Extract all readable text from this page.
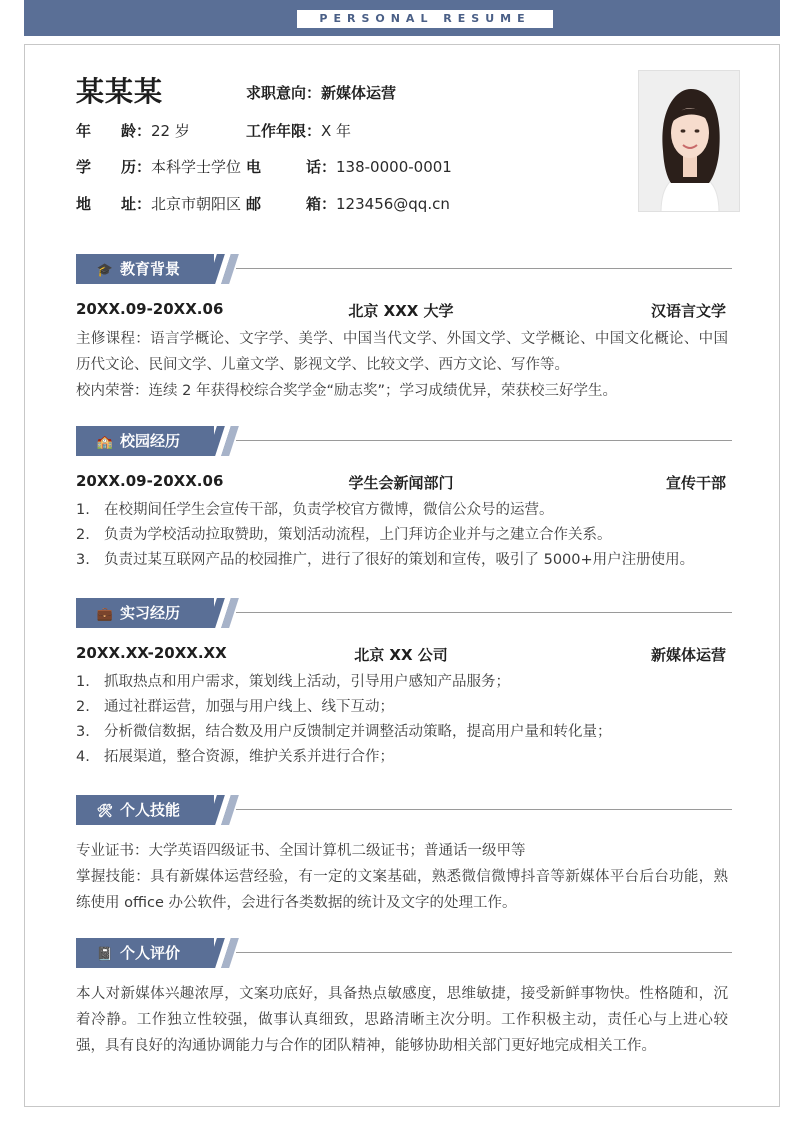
PERSONAL RESUME
某某某	求职意向：新媒体运营
年　　龄：22 岁	工作年限：X 年
学　　历：本科学士学位 电　　　话：138-0000-0001
地　　址：北京市朝阳区 邮　　　箱：123456@qq.cn
🎓 教育背景
20XX.09-20XX.06	北京 XXX 大学	汉语言文学
主修课程：语言学概论、文字学、美学、中国当代文学、外国文学、文学概论、中国文化概论、中国历代文论、民间文学、儿童文学、影视文学、比较文学、西方文论、写作等。
校内荣誉：连续 2 年获得校综合奖学金“励志奖”；学习成绩优异，荣获校三好学生。
🏫 校园经历
20XX.09-20XX.06	学生会新闻部门	宣传干部
1. 在校期间任学生会宣传干部，负责学校官方微博，微信公众号的运营。
2. 负责为学校活动拉取赞助，策划活动流程，上门拜访企业并与之建立合作关系。
3. 负责过某互联网产品的校园推广，进行了很好的策划和宣传，吸引了 5000+用户注册使用。
💼 实习经历
20XX.XX-20XX.XX	北京 XX 公司	新媒体运营
1. 抓取热点和用户需求，策划线上活动，引导用户感知产品服务；
2. 通过社群运营，加强与用户线上、线下互动；
3. 分析微信数据，结合数及用户反馈制定并调整活动策略，提高用户量和转化量；
4. 拓展渠道，整合资源，维护关系并进行合作；
🛠 个人技能
专业证书：大学英语四级证书、全国计算机二级证书；普通话一级甲等
掌握技能：具有新媒体运营经验，有一定的文案基础，熟悉微信微博抖音等新媒体平台后台功能，熟练使用 office 办公软件，会进行各类数据的统计及文字的处理工作。
📓 个人评价
本人对新媒体兴趣浓厚，文案功底好，具备热点敏感度，思维敏捷，接受新鲜事物快。性格随和，沉着冷静。工作独立性较强，做事认真细致，思路清晰主次分明。工作积极主动，责任心与上进心较强，具有良好的沟通协调能力与合作的团队精神，能够协助相关部门更好地完成相关工作。
